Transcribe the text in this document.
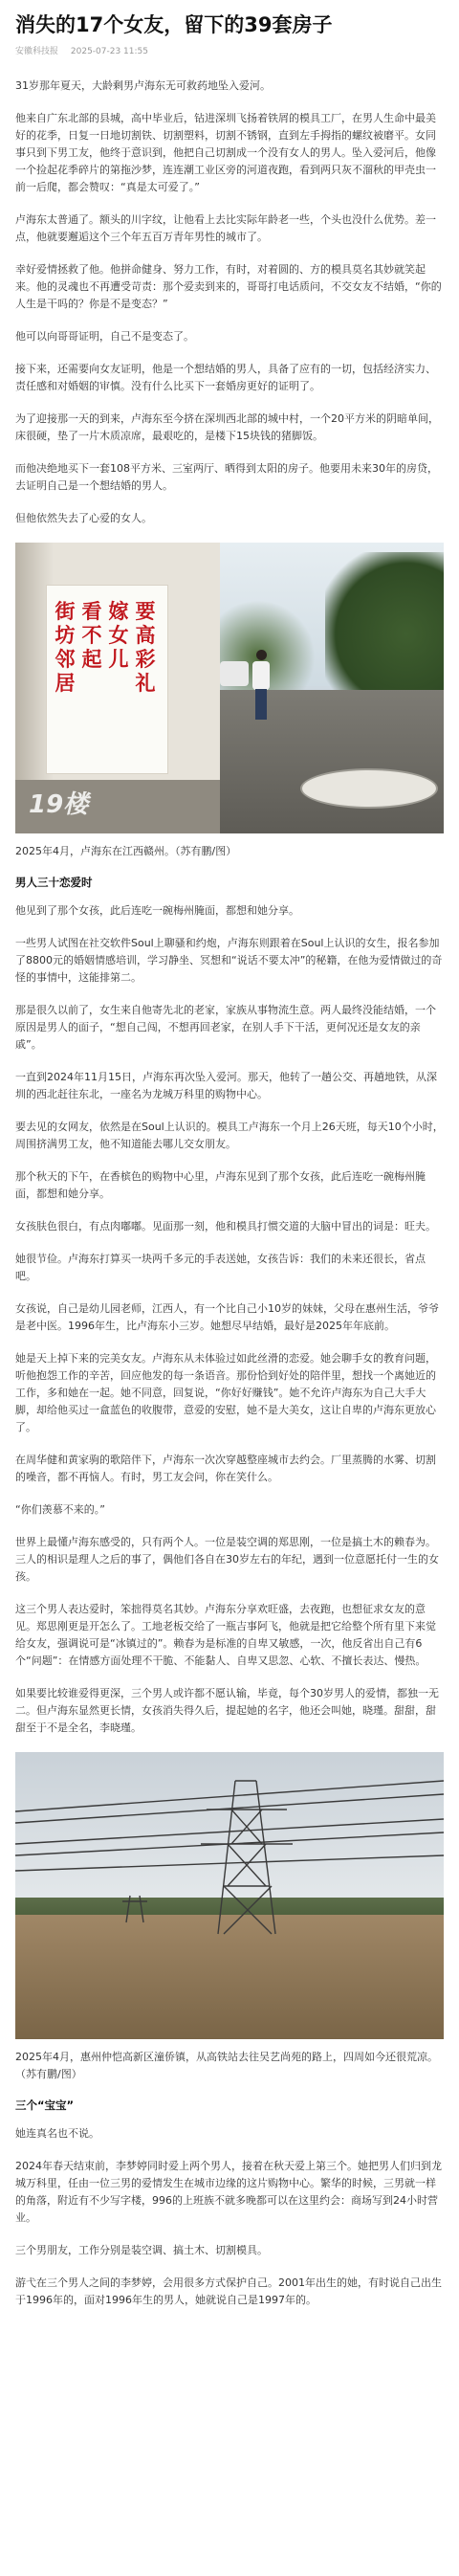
消失的17个女友，留下的39套房子
安徽科技报 2025-07-23 11:55

31岁那年夏天，大龄剩男卢海东无可救药地坠入爱河。

他来自广东北部的县城，高中毕业后，钻进深圳飞扬着铁屑的模具工厂，在男人生命中最美好的花季，日复一日地切割铁、切割塑料，切割不锈钢，直到左手拇指的螺纹被磨平。女同事只到下男工友，他终于意识到，他把自己切割成一个没有女人的男人。坠入爱河后，他像一个捡起花季碎片的第拖沙梦，连连潮工业区旁的河道夜跑，看到两只灰不溜秋的甲壳虫一前一后爬，都会赞叹：“真是太可爱了。”

卢海东太普通了。额头的川字纹，让他看上去比实际年龄老一些，个头也没什么优势。差一点，他就要邂逅这个三个年五百万青年男性的城市了。

幸好爱情拯救了他。他拼命健身、努力工作，有时，对着圆的、方的模具莫名其妙就笑起来。他的灵魂也不再遭受苛责：那个爱卖到来的，哥哥打电话质问，不交女友不结婚，“你的人生是干吗的？你是不是变态？”

他可以向哥哥证明，自己不是变态了。

接下来，还需要向女友证明，他是一个想结婚的男人，具备了应有的一切，包括经济实力、责任感和对婚姻的审慎。没有什么比买下一套婚房更好的证明了。

为了迎接那一天的到来，卢海东至今挤在深圳西北部的城中村，一个20平方米的阴暗单间，床很硬，垫了一片木质凉席，最艰吃的，是楼下15块钱的猪脚饭。

而他决绝地买下一套108平方米、三室两厅、晒得到太阳的房子。他要用未来30年的房贷，去证明自己是一个想结婚的男人。

但他依然失去了心爱的女人。

街
坊
邻
居
看
不
起
嫁
女
儿
要
高
彩
礼
19楼
2025年4月，卢海东在江西赣州。（苏有鹏/图）
男人三十恋爱时

他见到了那个女孩，此后连吃一碗梅州腌面，都想和她分享。

一些男人试图在社交软件Soul上聊骚和约炮，卢海东则跟着在Soul上认识的女生，报名参加了8800元的婚姻情感培训，学习静坐、冥想和“说话不要太冲”的秘籍，在他为爱情做过的奇怪的事情中，这能排第二。

那是很久以前了，女生来自他寄先北的老家，家族从事物流生意。两人最终没能结婚，一个原因是男人的面子，“想自己闯，不想再回老家，在别人手下干活，更何况还是女友的亲戚”。

一直到2024年11月15日，卢海东再次坠入爱河。那天，他转了一趟公交、再趟地铁，从深圳的西北赶往东北，一座名为龙城万科里的购物中心。

要去见的女网友，依然是在Soul上认识的。模具工卢海东一个月上26天班，每天10个小时，周围挤满男工友，他不知道能去哪儿交女朋友。

那个秋天的下午，在香槟色的购物中心里，卢海东见到了那个女孩，此后连吃一碗梅州腌面，都想和她分享。

女孩肤色很白，有点肉嘟嘟。见面那一刻，他和模具打惯交道的大脑中冒出的词是：旺夫。

她很节俭。卢海东打算买一块两千多元的手表送她，女孩告诉：我们的未来还很长，省点吧。

女孩说，自己是幼儿园老师，江西人，有一个比自己小10岁的妹妹，父母在惠州生活，爷爷是老中医。1996年生，比卢海东小三岁。她想尽早结婚，最好是2025年年底前。

她是天上掉下来的完美女友。卢海东从未体验过如此丝滑的恋爱。她会聊手女的教育问题，听他抱怨工作的辛苦，回应他发的每一条语音。那份恰到好处的陪伴里，想找一个离她近的工作，多和她在一起。她不同意，回复说，“你好好赚钱”。她不允许卢海东为自己大手大脚，却给他买过一盒蓝色的收腹带，意爱的安慰，她不是大美女，这让自卑的卢海东更放心了。

在周华健和黄家驹的歌陪伴下，卢海东一次次穿越整座城市去约会。厂里蒸腾的水雾、切割的噪音，都不再恼人。有时，男工友会问，你在笑什么。

“你们羡慕不来的。”

世界上最懂卢海东感受的，只有两个人。一位是装空调的郑思刚，一位是搞土木的赖春为。三人的相识是理人之后的事了，偶他们各自在30岁左右的年纪，遇到一位意愿托付一生的女孩。

这三个男人表达爱时，笨拙得莫名其妙。卢海东分享欢旺盛，去夜跑，也想征求女友的意见。郑思刚更是开怎么了。工地老板交给了一瓶吉事阿飞，他就是把它给整个所有里下来觉给女友，强调说可是“冰镇过的”。赖春为是标准的自卑又敏感，一次，他反省出自己有6个“问题”：在情感方面处理不干脆、不能黏人、自卑又思忽、心软、不擅长表达、慢热。

如果要比较谁爱得更深，三个男人或许都不愿认输，毕竟，每个30岁男人的爱情，都独一无二。但卢海东显然更长情，女孩消失得久后，提起她的名字，他还会叫她，晓瑾。甜甜，甜甜至于不是全名，李晓瑾。

2025年4月，惠州仲恺高新区潼侨镇，从高铁站去往吴艺尚苑的路上，四周如今还很荒凉。（苏有鹏/图）
三个“宝宝”

她连真名也不说。

2024年春天结束前，李梦婷同时爱上两个男人，接着在秋天爱上第三个。她把男人们归到龙城万科里，任由一位三男的爱情发生在城市边缘的这片购物中心。繁华的时候，三男就一样的角落，附近有不少写字楼，996的上班族不就多晚都可以在这里约会：商场写到24小时营业。

三个男朋友，工作分别是装空调、搞土木、切割模具。

游弋在三个男人之间的李梦婷，会用很多方式保护自己。2001年出生的她，有时说自己出生于1996年的，面对1996年生的男人，她就说自己是1997年的。
